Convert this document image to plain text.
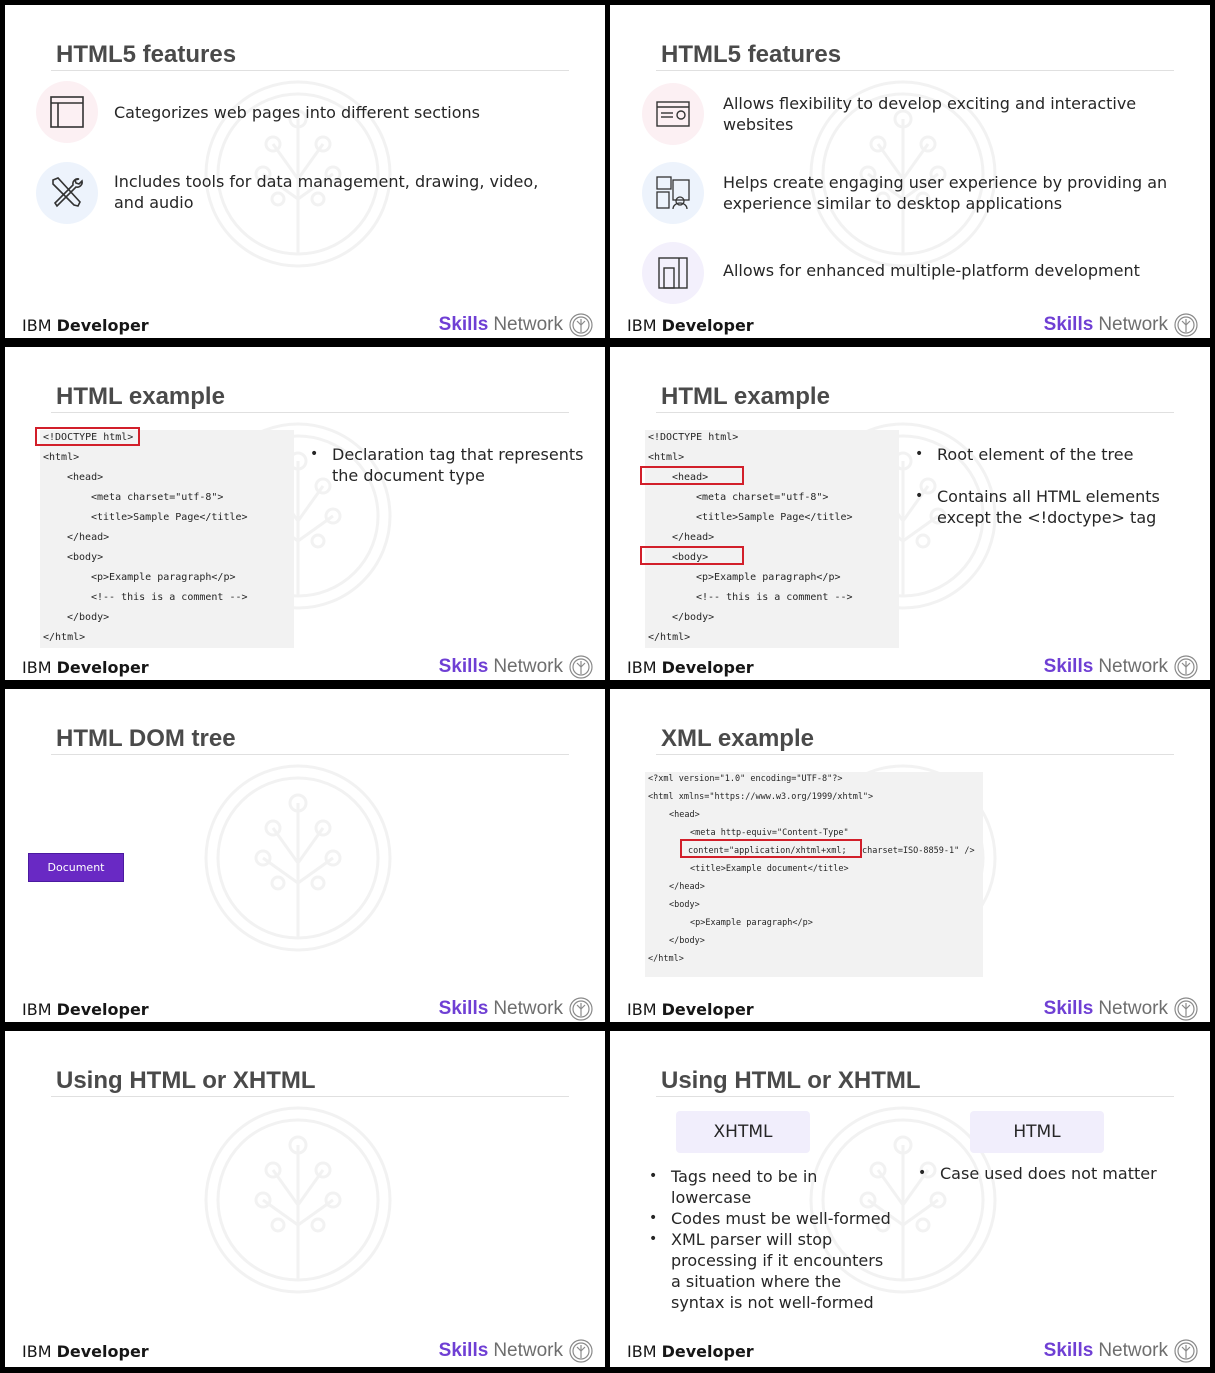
HTML5 features
Categorizes web pages into different sections
Includes tools for data management, drawing, video, and audio
IBM Developer	Skills Network
HTML5 features
Allows flexibility to develop exciting and interactive websites
Helps create engaging user experience by providing an experience similar to desktop applications
Allows for enhanced multiple-platform development
IBM Developer	Skills Network
HTML example
<!DOCTYPE html>
<html>
<head>
<meta charset="utf-8">
<title>Sample Page</title>
</head>
<body>
<p>Example paragraph</p>
<!-- this is a comment -->
</body>
</html>
• Declaration tag that represents the document type
IBM Developer	Skills Network
HTML example
<!DOCTYPE html>
<html>
<head>
<meta charset="utf-8">
<title>Sample Page</title>
</head>
<body>
<p>Example paragraph</p>
<!-- this is a comment -->
</body>
</html>
• Root element of the tree
• Contains all HTML elements except the <!doctype> tag
IBM Developer	Skills Network
HTML DOM tree
Document
IBM Developer	Skills Network
XML example
<?xml version="1.0" encoding="UTF-8"?>
<html xmlns="https://www.w3.org/1999/xhtml">
<head>
<meta http-equiv="Content-Type"
content="application/xhtml+xml; charset=ISO-8859-1" />
<title>Example document</title>
</head>
<body>
<p>Example paragraph</p>
</body>
</html>
IBM Developer	Skills Network
Using HTML or XHTML
IBM Developer	Skills Network
Using HTML or XHTML
XHTML	HTML
• Tags need to be in lowercase
• Codes must be well-formed
• XML parser will stop processing if it encounters a situation where the syntax is not well-formed
• Case used does not matter
IBM Developer	Skills Network
